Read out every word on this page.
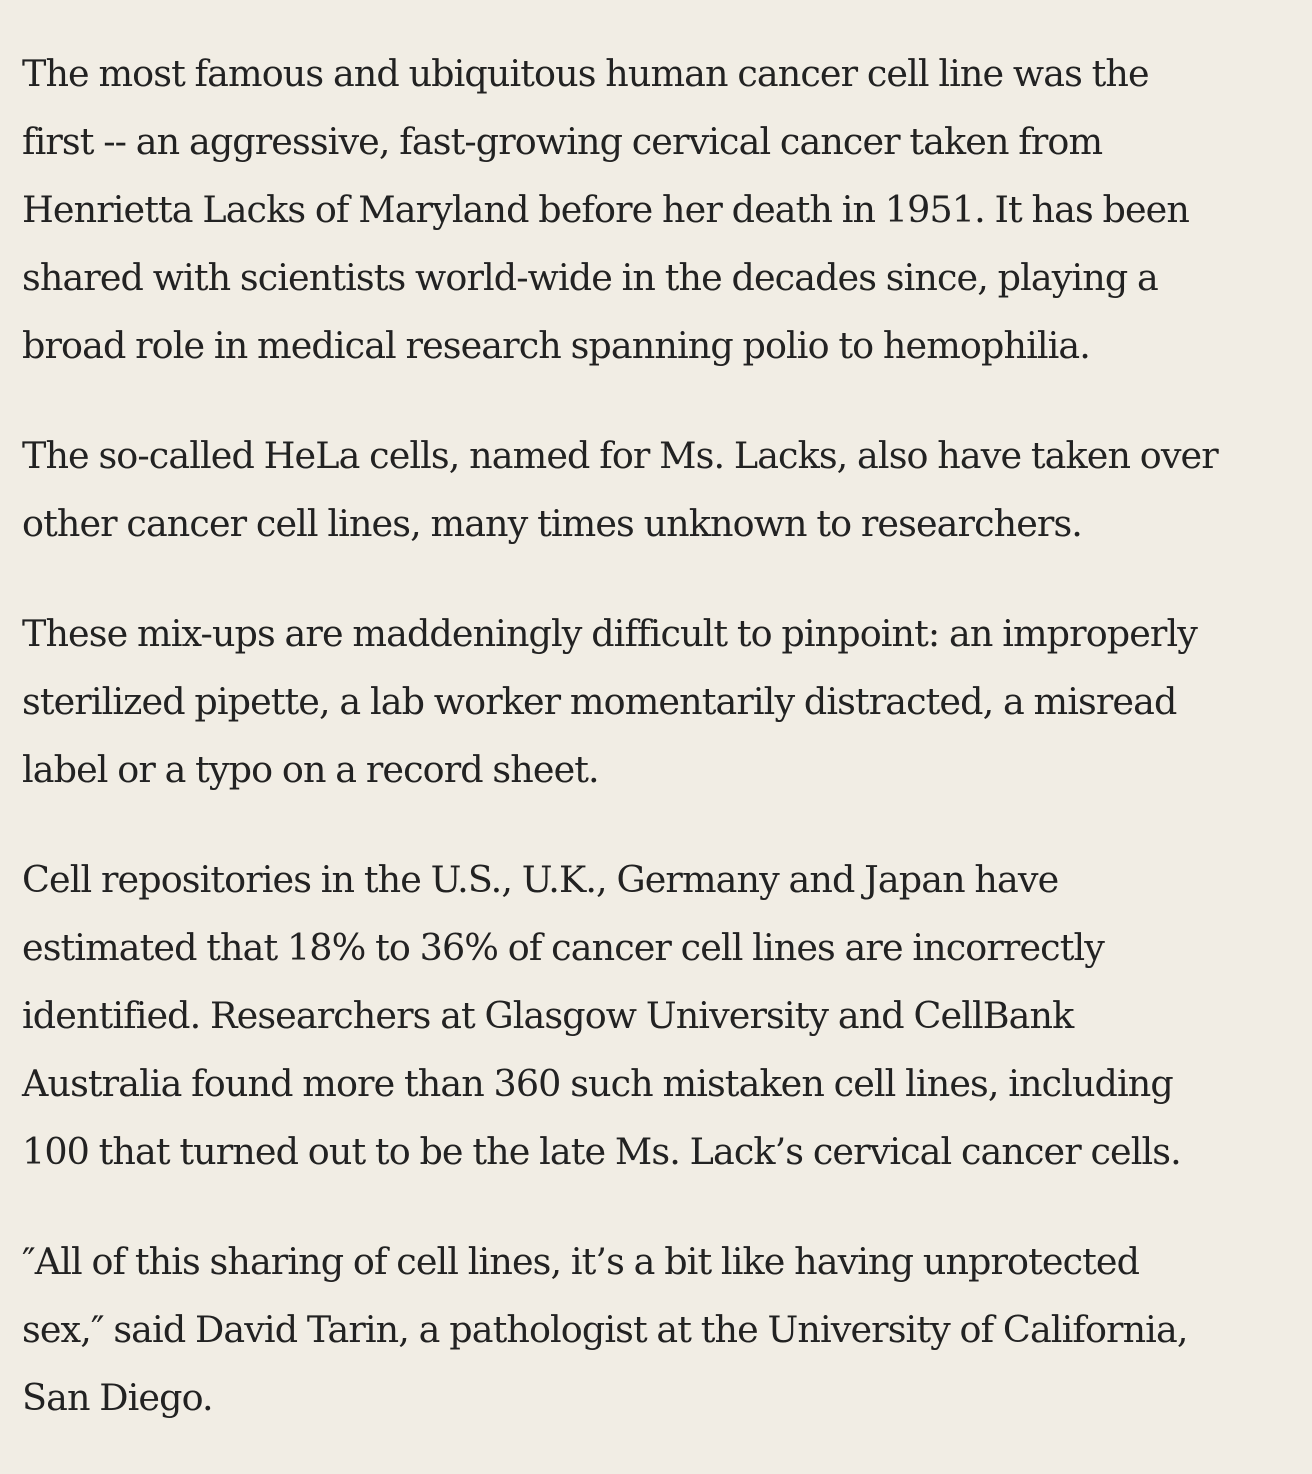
The most famous and ubiquitous human cancer cell line was the
first -- an aggressive, fast-growing cervical cancer taken from
Henrietta Lacks of Maryland before her death in 1951. It has been
shared with scientists world-wide in the decades since, playing a
broad role in medical research spanning polio to hemophilia.

The so-called HeLa cells, named for Ms. Lacks, also have taken over
other cancer cell lines, many times unknown to researchers.

These mix-ups are maddeningly difficult to pinpoint: an improperly
sterilized pipette, a lab worker momentarily distracted, a misread
label or a typo on a record sheet.

Cell repositories in the U.S., U.K., Germany and Japan have
estimated that 18% to 36% of cancer cell lines are incorrectly
identified. Researchers at Glasgow University and CellBank
Australia found more than 360 such mistaken cell lines, including
100 that turned out to be the late Ms. Lack’s cervical cancer cells.

″All of this sharing of cell lines, it’s a bit like having unprotected
sex,″ said David Tarin, a pathologist at the University of California,
San Diego.
